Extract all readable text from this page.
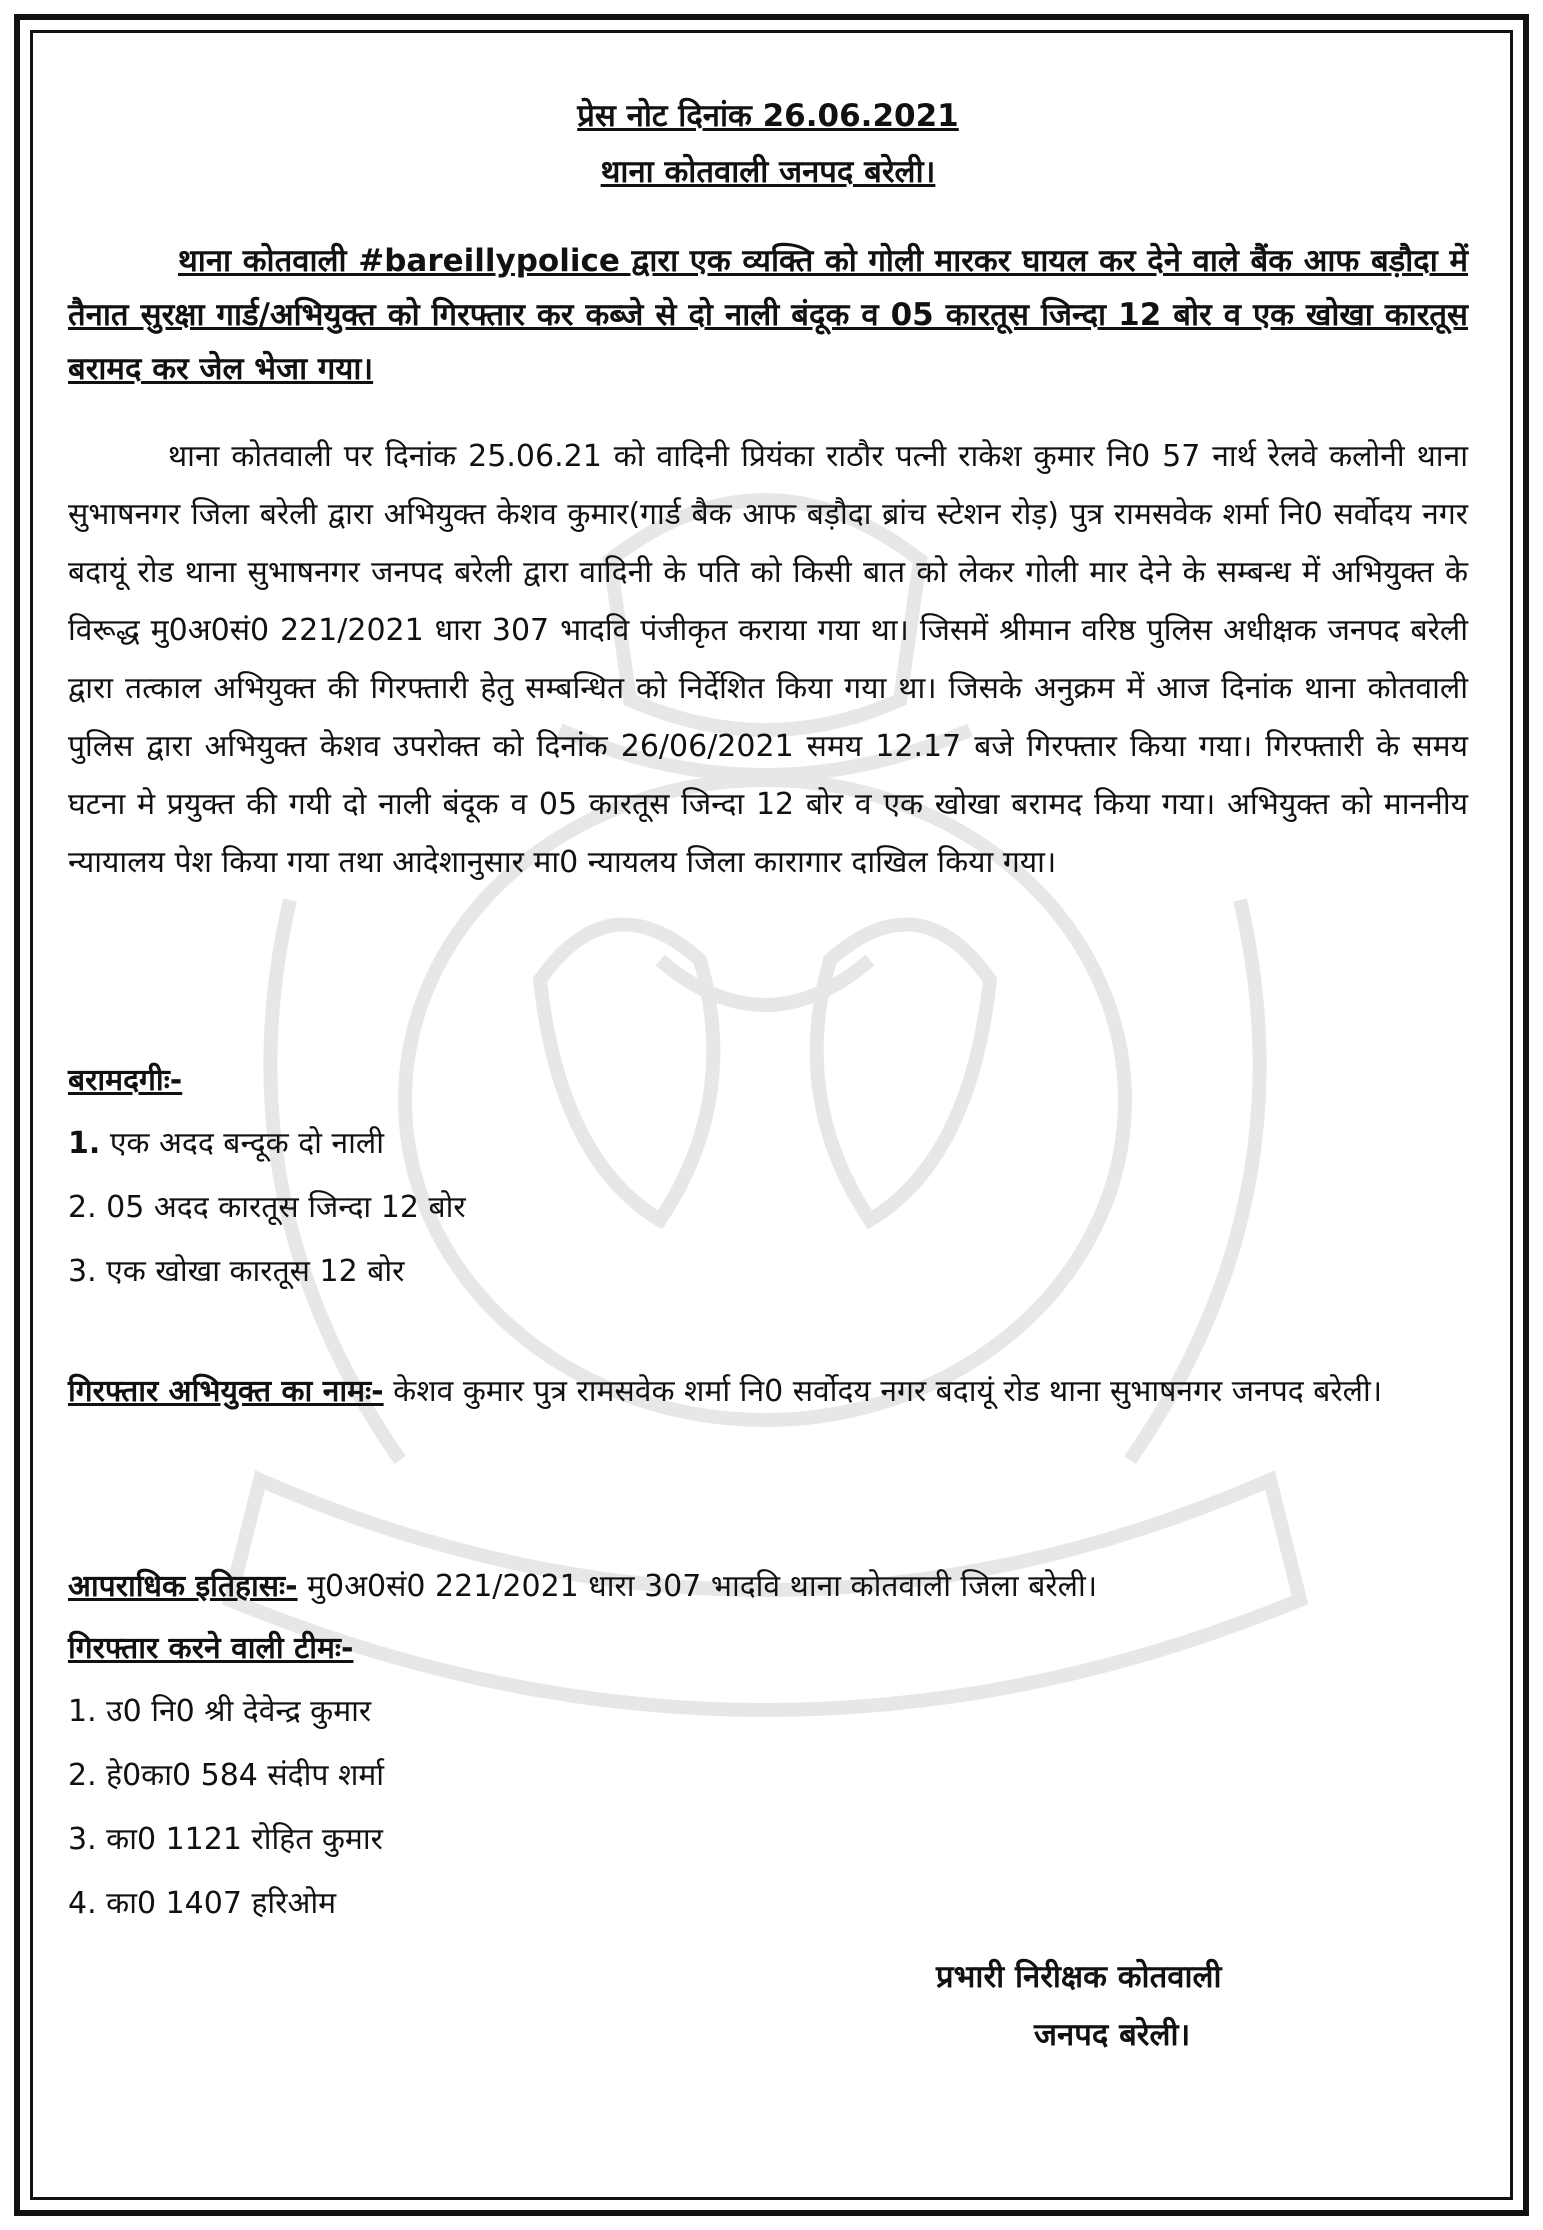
प्रेस नोट दिनांक 26.06.2021
थाना कोतवाली जनपद बरेली।
थाना कोतवाली #bareillypolice द्वारा एक व्यक्ति को गोली मारकर घायल कर देने वाले बैंक आफ बड़ौदा में तैनात सुरक्षा गार्ड/अभियुक्त को गिरफ्तार कर कब्जे से दो नाली बंदूक व 05 कारतूस जिन्दा 12 बोर व एक खोखा कारतूस बरामद कर जेल भेजा गया।
थाना कोतवाली पर दिनांक 25.06.21 को वादिनी प्रियंका राठौर पत्नी राकेश कुमार नि0 57 नार्थ रेलवे कलोनी थाना सुभाषनगर जिला बरेली द्वारा अभियुक्त केशव कुमार(गार्ड बैक आफ बड़ौदा ब्रांच स्टेशन रोड़) पुत्र रामसवेक शर्मा नि0 सर्वोदय नगर बदायूं रोड थाना सुभाषनगर जनपद बरेली द्वारा वादिनी के पति को किसी बात को लेकर गोली मार देने के सम्बन्ध में अभियुक्त के विरूद्ध मु0अ0सं0 221/2021 धारा 307 भादवि पंजीकृत कराया गया था। जिसमें श्रीमान वरिष्ठ पुलिस अधीक्षक जनपद बरेली द्वारा तत्काल अभियुक्त की गिरफ्तारी हेतु सम्बन्धित को निर्देशित किया गया था। जिसके अनुक्रम में आज दिनांक थाना कोतवाली पुलिस द्वारा अभियुक्त केशव उपरोक्त को दिनांक 26/06/2021 समय 12.17 बजे गिरफ्तार किया गया। गिरफ्तारी के समय घटना मे प्रयुक्त की गयी दो नाली बंदूक व 05 कारतूस जिन्दा 12 बोर व एक खोखा बरामद किया गया। अभियुक्त को माननीय न्यायालय पेश किया गया तथा आदेशानुसार मा0 न्यायलय जिला कारागार दाखिल किया गया।
बरामदगीः-
1. एक अदद बन्दूक दो नाली
2. 05 अदद कारतूस जिन्दा 12 बोर
3. एक खोखा कारतूस 12 बोर
गिरफ्तार अभियुक्त का नामः- केशव कुमार पुत्र रामसवेक शर्मा नि0 सर्वोदय नगर बदायूं रोड थाना सुभाषनगर जनपद बरेली।
आपराधिक इतिहासः- मु0अ0सं0 221/2021 धारा 307 भादवि थाना कोतवाली जिला बरेली।
गिरफ्तार करने वाली टीमः-
1. उ0 नि0 श्री देवेन्द्र कुमार
2. हे0का0 584 संदीप शर्मा
3. का0 1121 रोहित कुमार
4. का0 1407 हरिओम
प्रभारी निरीक्षक कोतवाली
जनपद बरेली।
